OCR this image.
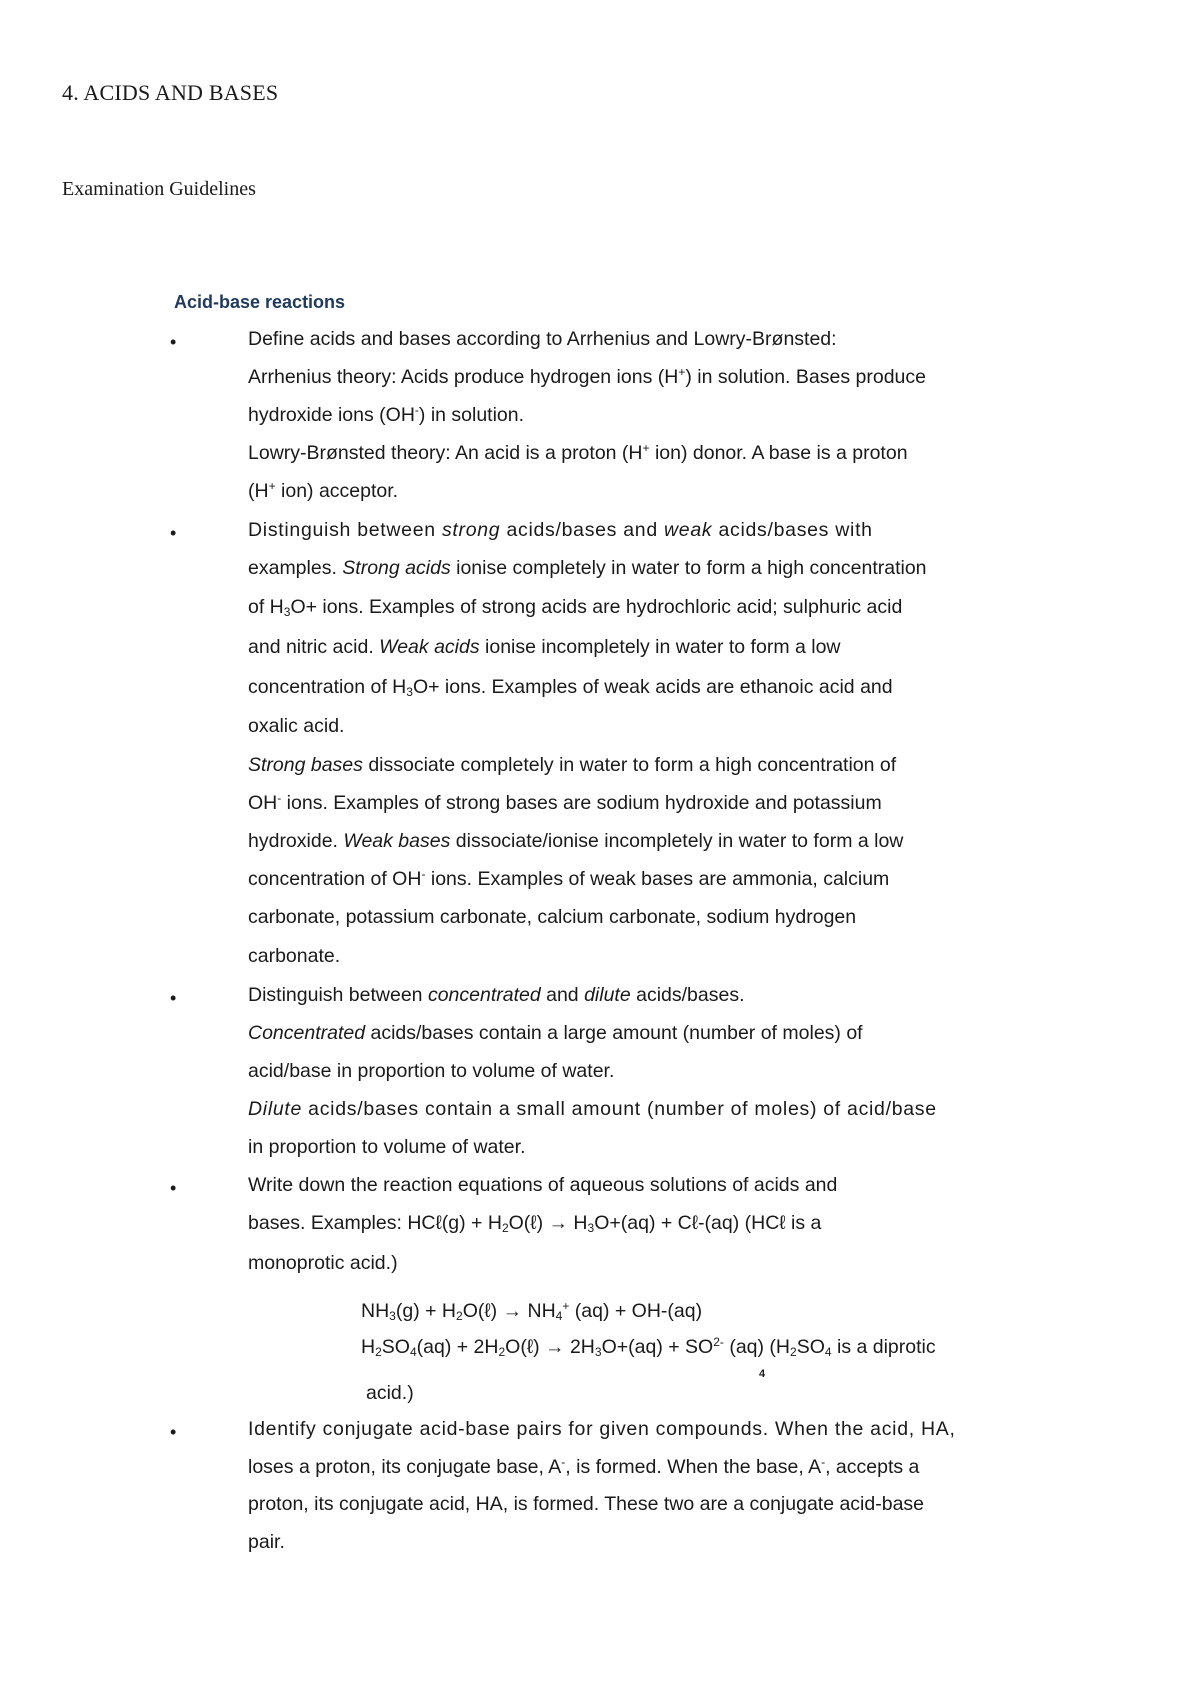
4. ACIDS AND BASES
Examination Guidelines
Acid-base reactions
•
•
•
•
•
Define acids and bases according to Arrhenius and Lowry-Brønsted:
Arrhenius theory: Acids produce hydrogen ions (H+) in solution. Bases produce
hydroxide ions (OH-) in solution.
Lowry-Brønsted theory: An acid is a proton (H+ ion) donor. A base is a proton
(H+ ion) acceptor.
Distinguish between strong acids/bases and weak acids/bases with
examples. Strong acids ionise completely in water to form a high concentration
of $H_3O+$ ions. Examples of strong acids are hydrochloric acid; sulphuric acid
and nitric acid. Weak acids ionise incompletely in water to form a low
concentration of $H_3O+$ ions. Examples of weak acids are ethanoic acid and
oxalic acid.
Strong bases dissociate completely in water to form a high concentration of
OH- ions. Examples of strong bases are sodium hydroxide and potassium
hydroxide. Weak bases dissociate/ionise incompletely in water to form a low
concentration of OH- ions. Examples of weak bases are ammonia, calcium
carbonate, potassium carbonate, calcium carbonate, sodium hydrogen
carbonate.
Distinguish between concentrated and dilute acids/bases.
Concentrated acids/bases contain a large amount (number of moles) of
acid/base in proportion to volume of water.
Dilute acids/bases contain a small amount (number of moles) of acid/base
in proportion to volume of water.
Write down the reaction equations of aqueous solutions of acids and
bases. Examples: HCℓ(g) + $H_2O(\ell) \to H_3O+(aq)$ + Cℓ-(aq) (HCℓ is a
monoprotic acid.)
$NH_3(g)$ + $H_2O(\ell) \to NH_4^+$ (aq) + OH-(aq)
$H_2SO_4(aq)$ + $2H_2O(\ell) \to 2H_3O+(aq) + SO^{2-}$ (aq) ($H_2SO_4$ is a diprotic
4
acid.)
Identify conjugate acid-base pairs for given compounds. When the acid, HA,
loses a proton, its conjugate base, A-, is formed. When the base, A-, accepts a
proton, its conjugate acid, HA, is formed. These two are a conjugate acid-base
pair.
